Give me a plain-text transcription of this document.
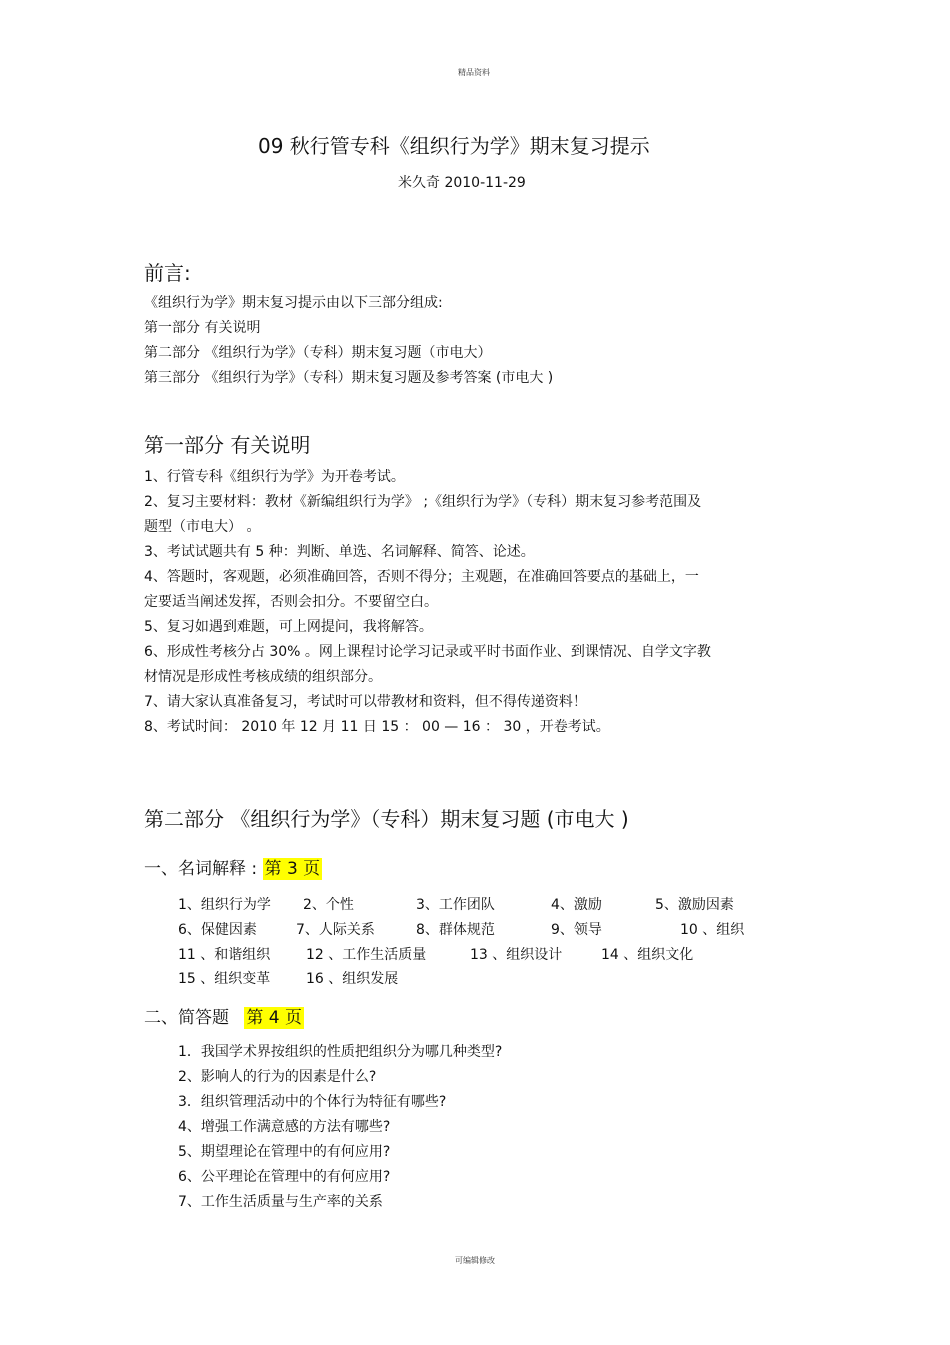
精品资料
09 秋行管专科《组织行为学》期末复习提示
米久奇 2010-11-29
前言:
《组织行为学》期末复习提示由以下三部分组成:
第一部分 有关说明
第二部分 《组织行为学》（专科）期末复习题（市电大）
第三部分 《组织行为学》（专科）期末复习题及参考答案 (市电大 )
第一部分 有关说明
1、行管专科《组织行为学》为开卷考试。
2、复习主要材料：教材《新编组织行为学》 ;《组织行为学》（专科）期末复习参考范围及
题型（市电大） 。
3、考试试题共有 5 种：判断、单选、名词解释、简答、论述。
4、答题时，客观题，必须准确回答，否则不得分；主观题，在准确回答要点的基础上，一
定要适当阐述发挥，否则会扣分。不要留空白。
5、复习如遇到难题，可上网提问，我将解答。
6、形成性考核分占 30% 。网上课程讨论学习记录或平时书面作业、到课情况、自学文字教
材情况是形成性考核成绩的组织部分。
7、请大家认真准备复习，考试时可以带教材和资料，但不得传递资料！
8、考试时间： 2010 年 12 月 11 日 15 ： 00 — 16 ： 30 ，开卷考试。
第二部分 《组织行为学》（专科）期末复习题 (市电大 )
一、名词解释 : 第 3 页
1、组织行为学 2、个性	3、工作团队	4、激励	5、激励因素
6、保健因素	7、人际关系	8、群体规范	9、领导	10 、组织
11 、和谐组织	12 、工作生活质量	13 、组织设计	14 、组织文化
15 、组织变革	16 、组织发展
二、简答题 第 4 页
1．我国学术界按组织的性质把组织分为哪几种类型?
2、影响人的行为的因素是什么?
3．组织管理活动中的个体行为特征有哪些?
4、增强工作满意感的方法有哪些?
5、期望理论在管理中的有何应用?
6、公平理论在管理中的有何应用?
7、工作生活质量与生产率的关系
可编辑修改
